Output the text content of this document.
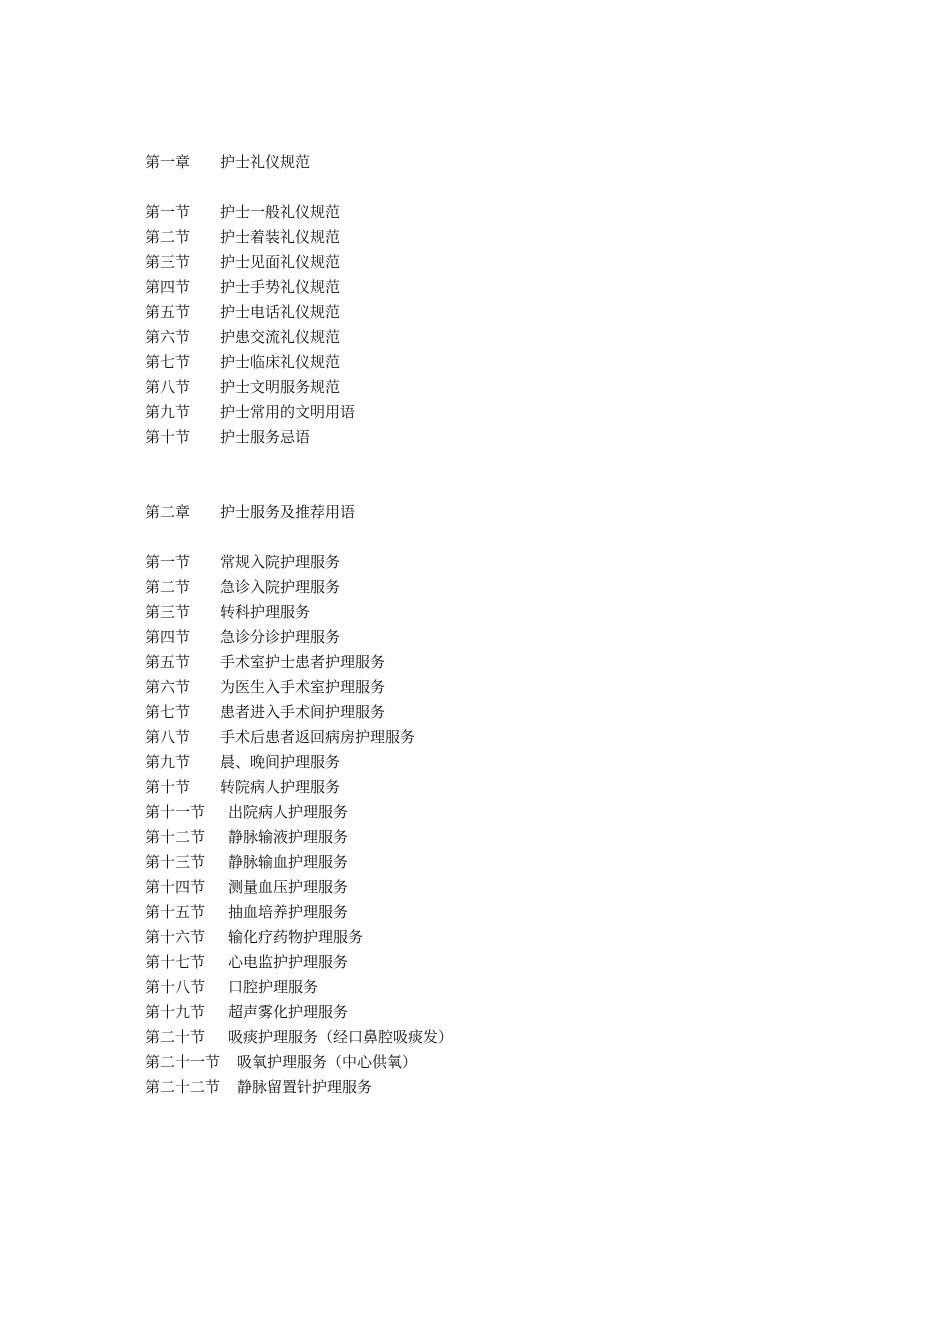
第一章	护士礼仪规范
第一节	护士一般礼仪规范
第二节	护士着装礼仪规范
第三节	护士见面礼仪规范
第四节	护士手势礼仪规范
第五节	护士电话礼仪规范
第六节	护患交流礼仪规范
第七节	护士临床礼仪规范
第八节	护士文明服务规范
第九节	护士常用的文明用语
第十节	护士服务忌语
第二章	护士服务及推荐用语
第一节	常规入院护理服务
第二节	急诊入院护理服务
第三节	转科护理服务
第四节	急诊分诊护理服务
第五节	手术室护士患者护理服务
第六节	为医生入手术室护理服务
第七节	患者进入手术间护理服务
第八节	手术后患者返回病房护理服务
第九节	晨、晚间护理服务
第十节	转院病人护理服务
第十一节	出院病人护理服务
第十二节	静脉输液护理服务
第十三节	静脉输血护理服务
第十四节	测量血压护理服务
第十五节	抽血培养护理服务
第十六节	输化疗药物护理服务
第十七节	心电监护护理服务
第十八节	口腔护理服务
第十九节	超声雾化护理服务
第二十节	吸痰护理服务（经口鼻腔吸痰发）
第二十一节	吸氧护理服务（中心供氧）
第二十二节	静脉留置针护理服务
